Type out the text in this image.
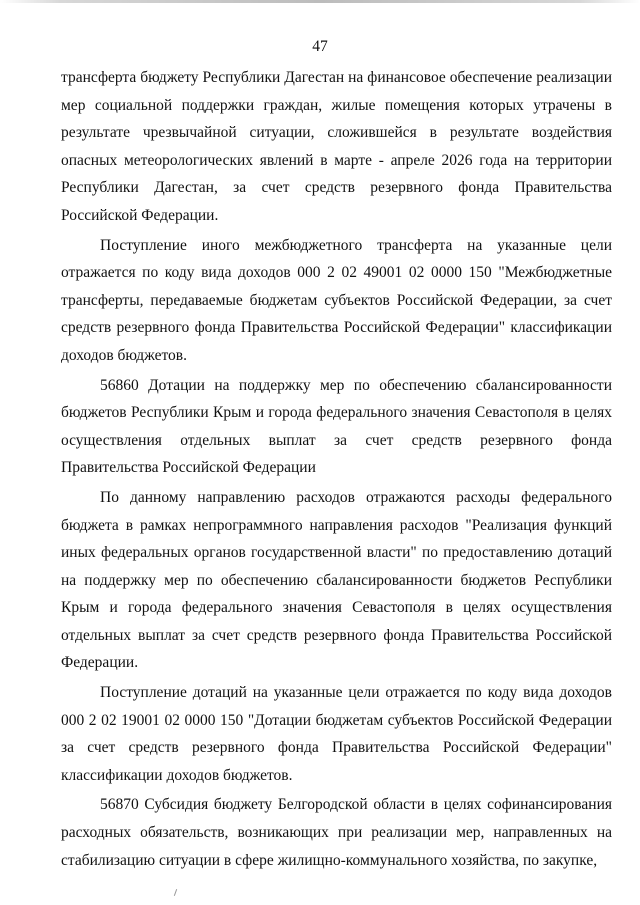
47

трансферта бюджету Республики Дагестан на финансовое обеспечение реализации мер социальной поддержки граждан, жилые помещения которых утрачены в результате чрезвычайной ситуации, сложившейся в результате воздействия опасных метеорологических явлений в марте - апреле 2026 года на территории Республики Дагестан, за счет средств резервного фонда Правительства Российской Федерации.

Поступление иного межбюджетного трансферта на указанные цели отражается по коду вида доходов 000 2 02 49001 02 0000 150 "Межбюджетные трансферты, передаваемые бюджетам субъектов Российской Федерации, за счет средств резервного фонда Правительства Российской Федерации" классификации доходов бюджетов.

56860 Дотации на поддержку мер по обеспечению сбалансированности бюджетов Республики Крым и города федерального значения Севастополя в целях осуществления отдельных выплат за счет средств резервного фонда Правительства Российской Федерации

По данному направлению расходов отражаются расходы федерального бюджета в рамках непрограммного направления расходов "Реализация функций иных федеральных органов государственной власти" по предоставлению дотаций на поддержку мер по обеспечению сбалансированности бюджетов Республики Крым и города федерального значения Севастополя в целях осуществления отдельных выплат за счет средств резервного фонда Правительства Российской Федерации.

Поступление дотаций на указанные цели отражается по коду вида доходов 000 2 02 19001 02 0000 150 "Дотации бюджетам субъектов Российской Федерации за счет средств резервного фонда Правительства Российской Федерации" классификации доходов бюджетов.

56870 Субсидия бюджету Белгородской области в целях софинансирования расходных обязательств, возникающих при реализации мер, направленных на стабилизацию ситуации в сфере жилищно-коммунального хозяйства, по закупке,
